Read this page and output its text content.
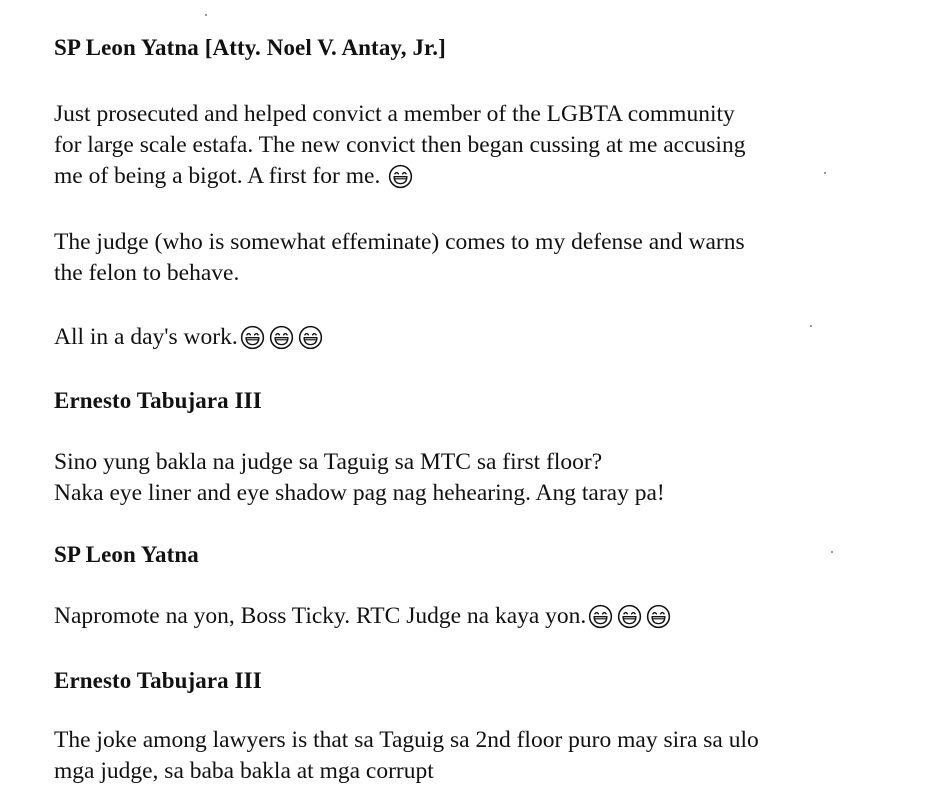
SP Leon Yatna [Atty. Noel V. Antay, Jr.]

Just prosecuted and helped convict a member of the LGBTA community
for large scale estafa. The new convict then began cussing at me accusing
me of being a bigot. A first for me.

The judge (who is somewhat effeminate) comes to my defense and warns
the felon to behave.

All in a day's work.

Ernesto Tabujara III

Sino yung bakla na judge sa Taguig sa MTC sa first floor?
Naka eye liner and eye shadow pag nag hehearing. Ang taray pa!

SP Leon Yatna

Napromote na yon, Boss Ticky. RTC Judge na kaya yon.

Ernesto Tabujara III

The joke among lawyers is that sa Taguig sa 2nd floor puro may sira sa ulo
mga judge, sa baba bakla at mga corrupt
